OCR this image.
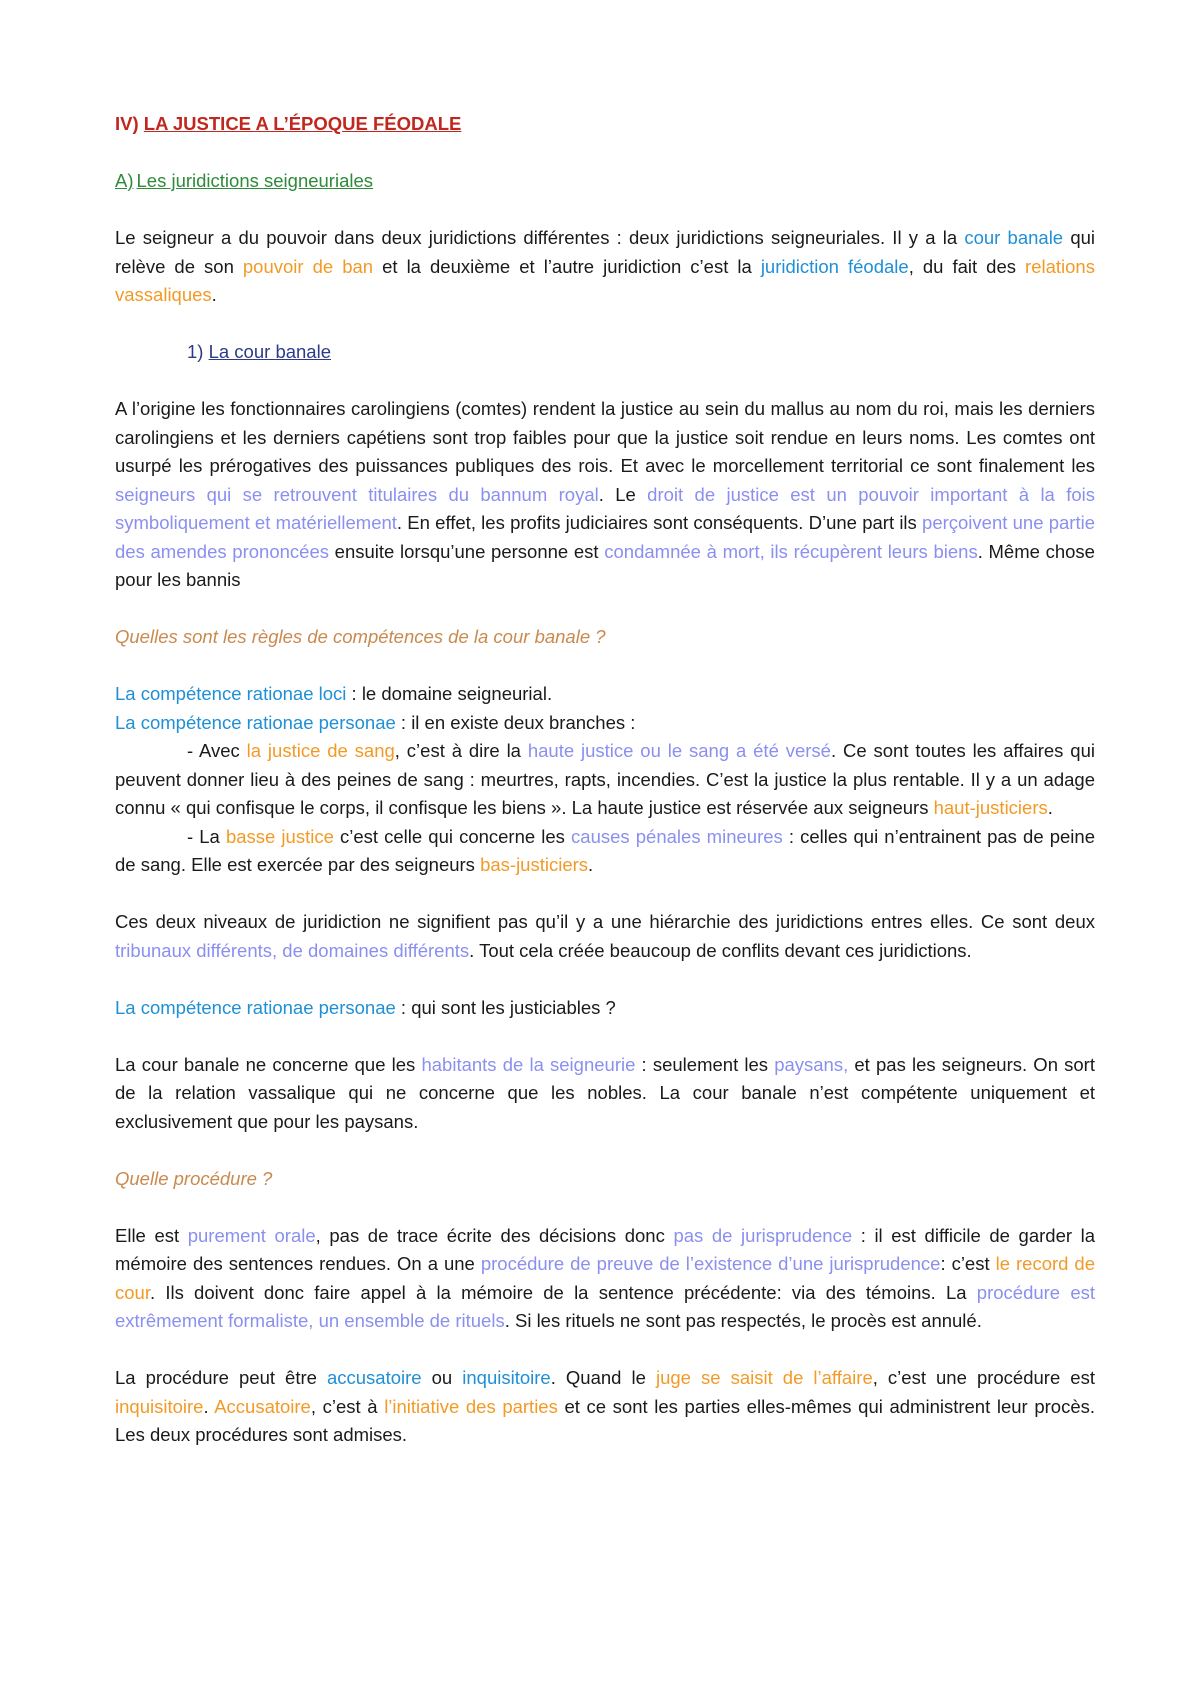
IV) LA JUSTICE A L’ÉPOQUE FÉODALE
A) Les juridictions seigneuriales

Le seigneur a du pouvoir dans deux juridictions différentes : deux juridictions seigneuriales. Il y a la cour banale qui relève de son pouvoir de ban et la deuxième et l’autre juridiction c’est la juridiction féodale, du fait des relations vassaliques.

1) La cour banale

A l’origine les fonctionnaires carolingiens (comtes) rendent la justice au sein du mallus au nom du roi, mais les derniers carolingiens et les derniers capétiens sont trop faibles pour que la justice soit rendue en leurs noms. Les comtes ont usurpé les prérogatives des puissances publiques des rois. Et avec le morcellement territorial ce sont finalement les seigneurs qui se retrouvent titulaires du bannum royal. Le droit de justice est un pouvoir important à la fois symboliquement et matériellement. En effet, les profits judiciaires sont conséquents. D’une part ils perçoivent une partie des amendes prononcées ensuite lorsqu’une personne est condamnée à mort, ils récupèrent leurs biens. Même chose pour les bannis

Quelles sont les règles de compétences de la cour banale ?
La compétence rationae loci : le domaine seigneurial.
La compétence rationae personae : il en existe deux branches :

- Avec la justice de sang, c’est à dire la haute justice ou le sang a été versé. Ce sont toutes les affaires qui peuvent donner lieu à des peines de sang : meurtres, rapts, incendies. C’est la justice la plus rentable. Il y a un adage connu « qui confisque le corps, il confisque les biens ». La haute justice est réservée aux seigneurs haut-justiciers.

- La basse justice c’est celle qui concerne les causes pénales mineures : celles qui n’entrainent pas de peine de sang. Elle est exercée par des seigneurs bas-justiciers.

Ces deux niveaux de juridiction ne signifient pas qu’il y a une hiérarchie des juridictions entres elles. Ce sont deux tribunaux différents, de domaines différents. Tout cela créée beaucoup de conflits devant ces juridictions.

La compétence rationae personae : qui sont les justiciables ?

La cour banale ne concerne que les habitants de la seigneurie : seulement les paysans, et pas les seigneurs. On sort de la relation vassalique qui ne concerne que les nobles. La cour banale n’est compétente uniquement et exclusivement que pour les paysans.

Quelle procédure ?

Elle est purement orale, pas de trace écrite des décisions donc pas de jurisprudence : il est difficile de garder la mémoire des sentences rendues. On a une procédure de preuve de l’existence d’une jurisprudence: c’est le record de cour. Ils doivent donc faire appel à la mémoire de la sentence précédente: via des témoins. La procédure est extrêmement formaliste, un ensemble de rituels. Si les rituels ne sont pas respectés, le procès est annulé.

La procédure peut être accusatoire ou inquisitoire. Quand le juge se saisit de l’affaire, c’est une procédure est inquisitoire. Accusatoire, c’est à l’initiative des parties et ce sont les parties elles-mêmes qui administrent leur procès. Les deux procédures sont admises.
